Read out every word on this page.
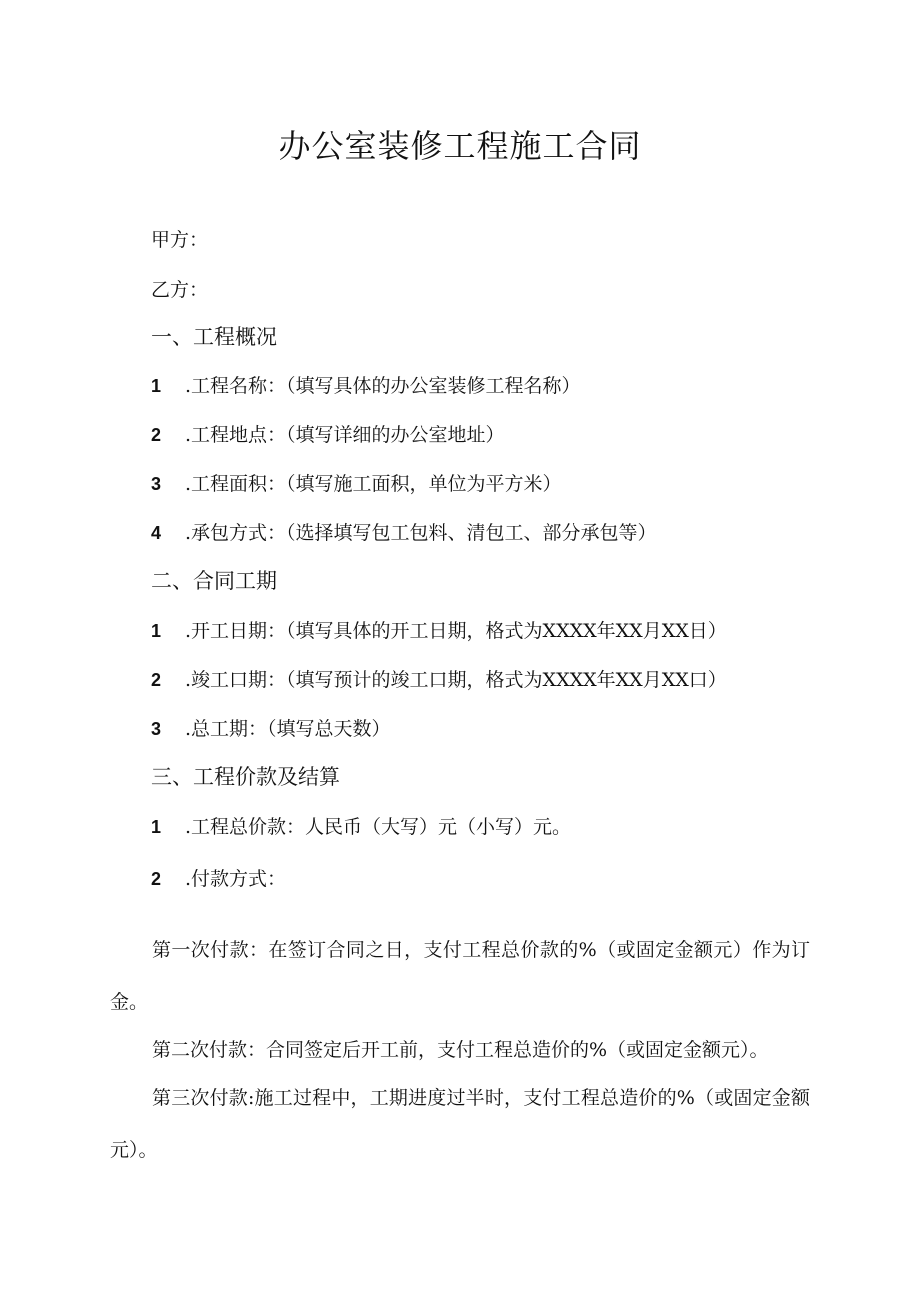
办公室装修工程施工合同
甲方：
乙方：
一、工程概况
1 .工程名称：（填写具体的办公室装修工程名称）
2 .工程地点：（填写详细的办公室地址）
3 .工程面积：（填写施工面积，单位为平方米）
4 .承包方式：（选择填写包工包料、清包工、部分承包等）
二、合同工期
1 .开工日期：（填写具体的开工日期，格式为XXXX年XX月XX日）
2 .竣工口期：（填写预计的竣工口期，格式为XXXX年XX月XX口）
3 .总工期：（填写总天数）
三、工程价款及结算
1 .工程总价款：人民币（大写）元（小写）元。
2 .付款方式：
第一次付款：在签订合同之日，支付工程总价款的%（或固定金额元）作为订金。
第二次付款：合同签定后开工前，支付工程总造价的%（或固定金额元）。
第三次付款:施工过程中，工期进度过半时，支付工程总造价的%（或固定金额元）。
